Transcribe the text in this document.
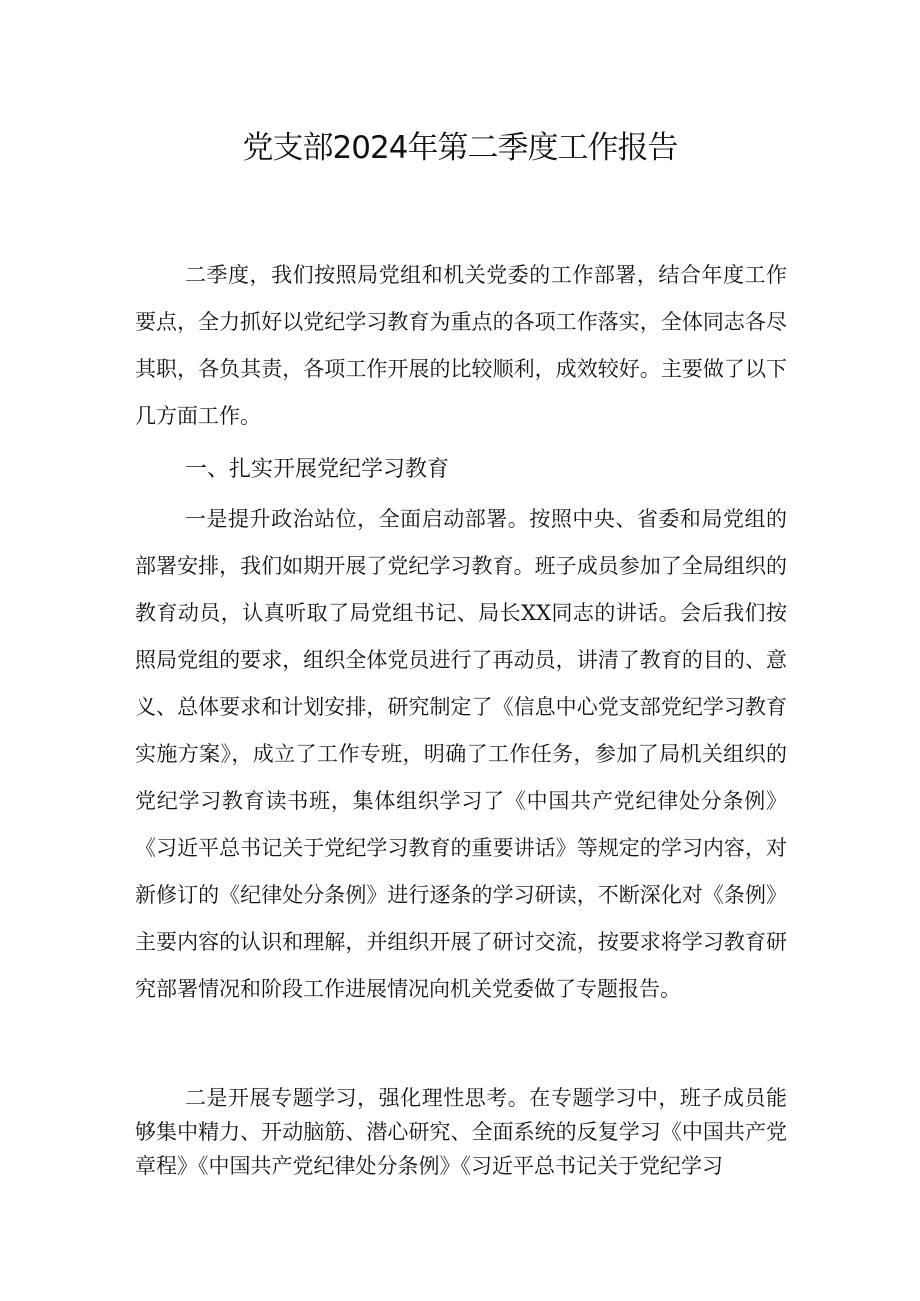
党支部2024年第二季度工作报告

二季度，我们按照局党组和机关党委的工作部署，结合年度工作要点，全力抓好以党纪学习教育为重点的各项工作落实，全体同志各尽其职，各负其责，各项工作开展的比较顺利，成效较好。主要做了以下几方面工作。

一、扎实开展党纪学习教育

一是提升政治站位，全面启动部署。按照中央、省委和局党组的部署安排，我们如期开展了党纪学习教育。班子成员参加了全局组织的教育动员，认真听取了局党组书记、局长XX同志的讲话。会后我们按照局党组的要求，组织全体党员进行了再动员，讲清了教育的目的、意义、总体要求和计划安排，研究制定了《信息中心党支部党纪学习教育实施方案》，成立了工作专班，明确了工作任务，参加了局机关组织的党纪学习教育读书班，集体组织学习了《中国共产党纪律处分条例》《习近平总书记关于党纪学习教育的重要讲话》等规定的学习内容，对新修订的《纪律处分条例》进行逐条的学习研读，不断深化对《条例》主要内容的认识和理解，并组织开展了研讨交流，按要求将学习教育研究部署情况和阶段工作进展情况向机关党委做了专题报告。

二是开展专题学习，强化理性思考。在专题学习中，班子成员能够集中精力、开动脑筋、潜心研究、全面系统的反复学习《中国共产党章程》《中国共产党纪律处分条例》《习近平总书记关于党纪学习
